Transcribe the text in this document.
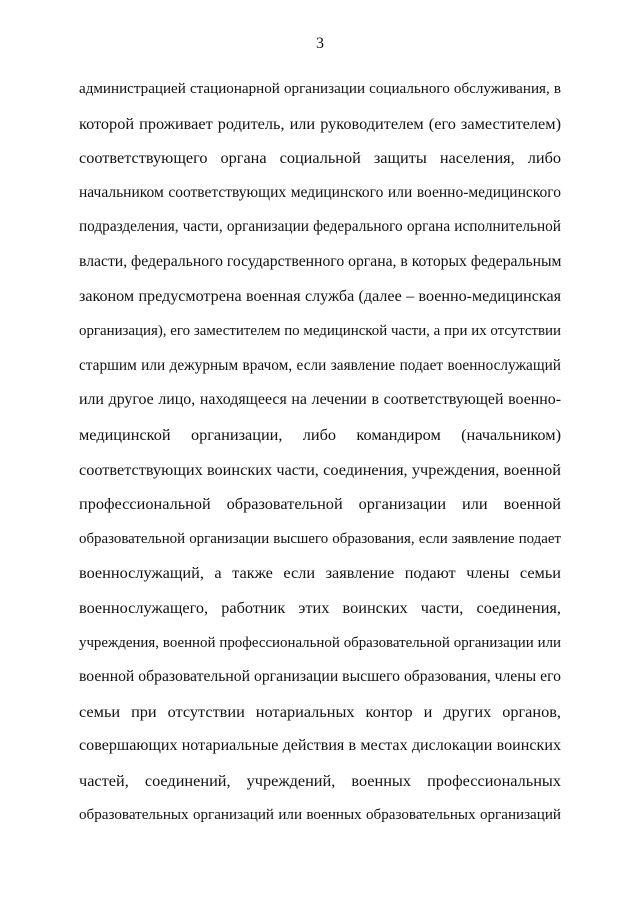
3
администрацией стационарной организации социального обслуживания, в
которой проживает родитель, или руководителем (его заместителем)
соответствующего органа социальной защиты населения, либо
начальником соответствующих медицинского или военно-медицинского
подразделения, части, организации федерального органа исполнительной
власти, федерального государственного органа, в которых федеральным
законом предусмотрена военная служба (далее – военно-медицинская
организация), его заместителем по медицинской части, а при их отсутствии
старшим или дежурным врачом, если заявление подает военнослужащий
или другое лицо, находящееся на лечении в соответствующей военно-
медицинской организации, либо командиром (начальником)
соответствующих воинских части, соединения, учреждения, военной
профессиональной образовательной организации или военной
образовательной организации высшего образования, если заявление подает
военнослужащий, а также если заявление подают члены семьи
военнослужащего, работник этих воинских части, соединения,
учреждения, военной профессиональной образовательной организации или
военной образовательной организации высшего образования, члены его
семьи при отсутствии нотариальных контор и других органов,
совершающих нотариальные действия в местах дислокации воинских
частей, соединений, учреждений, военных профессиональных
образовательных организаций или военных образовательных организаций
